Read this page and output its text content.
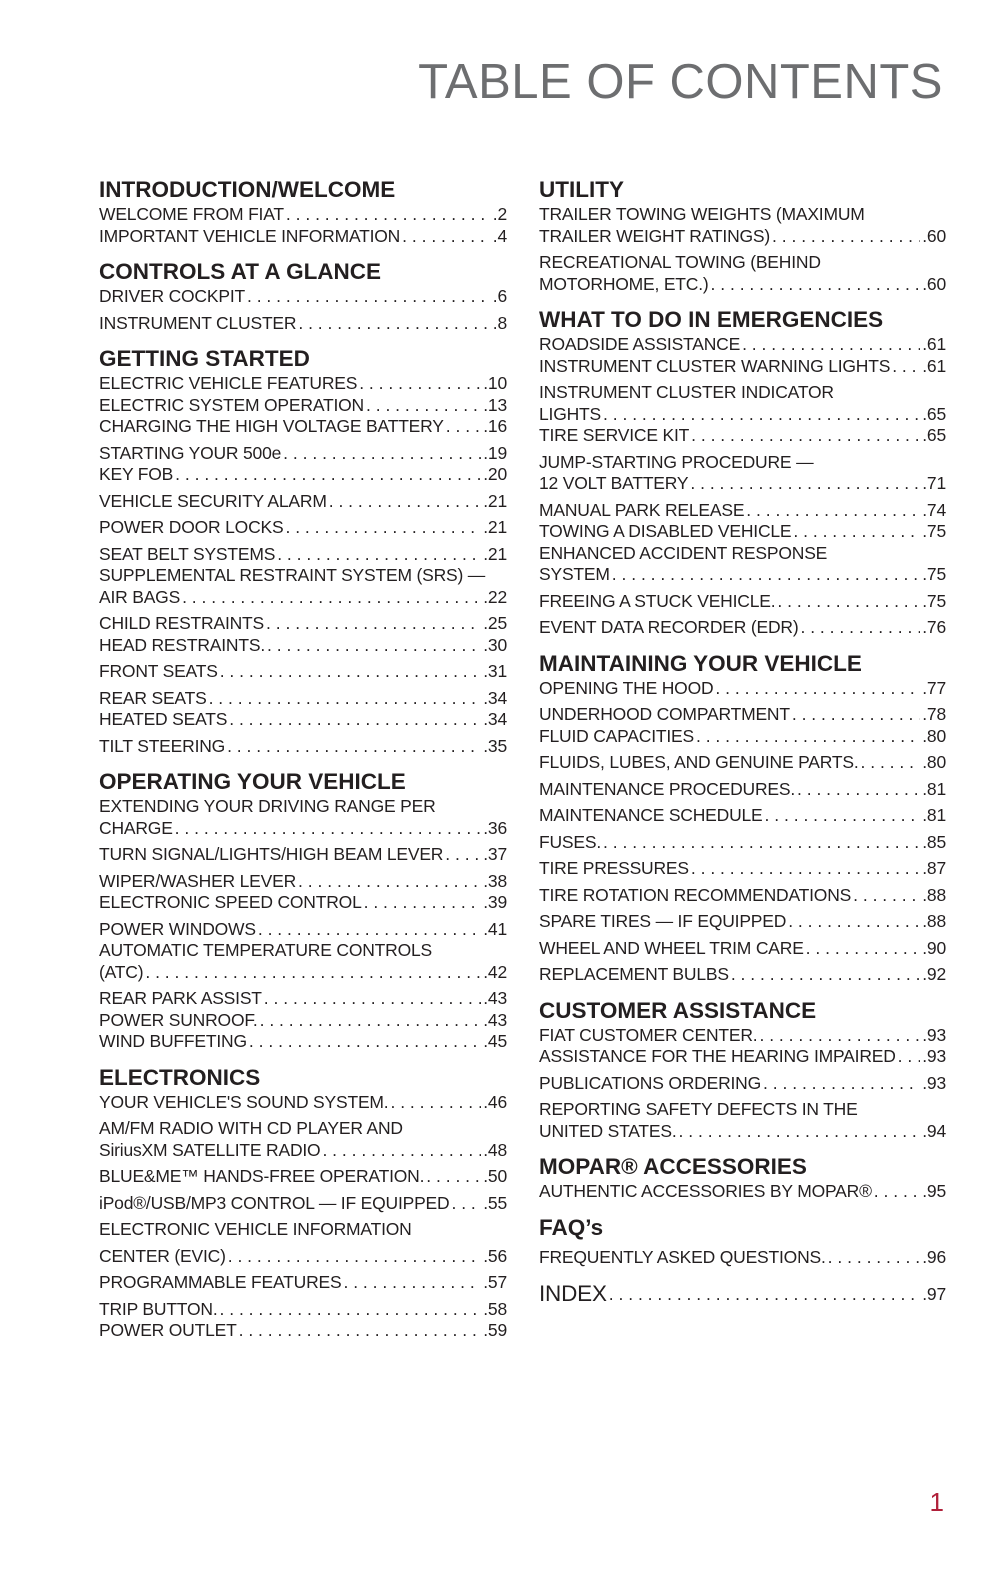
TABLE OF CONTENTS
INTRODUCTION/WELCOME
WELCOME FROM FIAT . . .	.2
IMPORTANT VEHICLE INFORMATION . . .	.4
CONTROLS AT A GLANCE
DRIVER COCKPIT . . .	.6
INSTRUMENT CLUSTER . . .	.8
GETTING STARTED
ELECTRIC VEHICLE FEATURES . . .	.10
ELECTRIC SYSTEM OPERATION . . .	.13
CHARGING THE HIGH VOLTAGE BATTERY . . . .16
STARTING YOUR 500e . . .	.19
KEY FOB . . .	.20
VEHICLE SECURITY ALARM . . .	.21
POWER DOOR LOCKS . . .	.21
SEAT BELT SYSTEMS . . .	.21
SUPPLEMENTAL RESTRAINT SYSTEM (SRS) —
AIR BAGS . . .	.22
CHILD RESTRAINTS . . .	.25
HEAD RESTRAINTS. . . .	.30
FRONT SEATS . . .	.31
REAR SEATS . . .	.34
HEATED SEATS . . .	.34
TILT STEERING . . .	.35
OPERATING YOUR VEHICLE
EXTENDING YOUR DRIVING RANGE PER
CHARGE . . .	.36
TURN SIGNAL/LIGHTS/HIGH BEAM LEVER . . . .37
WIPER/WASHER LEVER . . .	.38
ELECTRONIC SPEED CONTROL . . .	.39
POWER WINDOWS . . .	.41
AUTOMATIC TEMPERATURE CONTROLS
(ATC) . . .	.42
REAR PARK ASSIST . . .	.43
POWER SUNROOF. . . .	.43
WIND BUFFETING . . .	.45
ELECTRONICS
YOUR VEHICLE'S SOUND SYSTEM. . . .	.46
AM/FM RADIO WITH CD PLAYER AND
SiriusXM SATELLITE RADIO . . .	.48
BLUE&ME™ HANDS-FREE OPERATION. . . .	.50
iPod®/USB/MP3 CONTROL — IF EQUIPPED . . . .55
ELECTRONIC VEHICLE INFORMATION
CENTER (EVIC) . . .	.56
PROGRAMMABLE FEATURES . . .	.57
TRIP BUTTON. . . .	.58
POWER OUTLET . . .	.59
UTILITY
TRAILER TOWING WEIGHTS (MAXIMUM
TRAILER WEIGHT RATINGS) . . .	.60
RECREATIONAL TOWING (BEHIND
MOTORHOME, ETC.) . . .	.60
WHAT TO DO IN EMERGENCIES
ROADSIDE ASSISTANCE . . .	.61
INSTRUMENT CLUSTER WARNING LIGHTS . . . .61
INSTRUMENT CLUSTER INDICATOR
LIGHTS . . .	.65
TIRE SERVICE KIT . . .	.65
JUMP-STARTING PROCEDURE —
12 VOLT BATTERY . . .	.71
MANUAL PARK RELEASE . . .	.74
TOWING A DISABLED VEHICLE . . .	.75
ENHANCED ACCIDENT RESPONSE
SYSTEM . . .	.75
FREEING A STUCK VEHICLE. . . .	.75
EVENT DATA RECORDER (EDR) . . .	.76
MAINTAINING YOUR VEHICLE
OPENING THE HOOD . . .	.77
UNDERHOOD COMPARTMENT . . .	.78
FLUID CAPACITIES . . .	.80
FLUIDS, LUBES, AND GENUINE PARTS. . . .	.80
MAINTENANCE PROCEDURES. . . .	.81
MAINTENANCE SCHEDULE . . .	.81
FUSES. . . .	.85
TIRE PRESSURES . . .	.87
TIRE ROTATION RECOMMENDATIONS . . .	.88
SPARE TIRES — IF EQUIPPED . . .	.88
WHEEL AND WHEEL TRIM CARE . . .	.90
REPLACEMENT BULBS . . .	.92
CUSTOMER ASSISTANCE
FIAT CUSTOMER CENTER. . . .	.93
ASSISTANCE FOR THE HEARING IMPAIRED . . . .93
PUBLICATIONS ORDERING . . .	.93
REPORTING SAFETY DEFECTS IN THE
UNITED STATES. . . .	.94
MOPAR® ACCESSORIES
AUTHENTIC ACCESSORIES BY MOPAR® . . .	.95
FAQ’s
FREQUENTLY ASKED QUESTIONS. . . .	.96
INDEX . . .	.97
1
